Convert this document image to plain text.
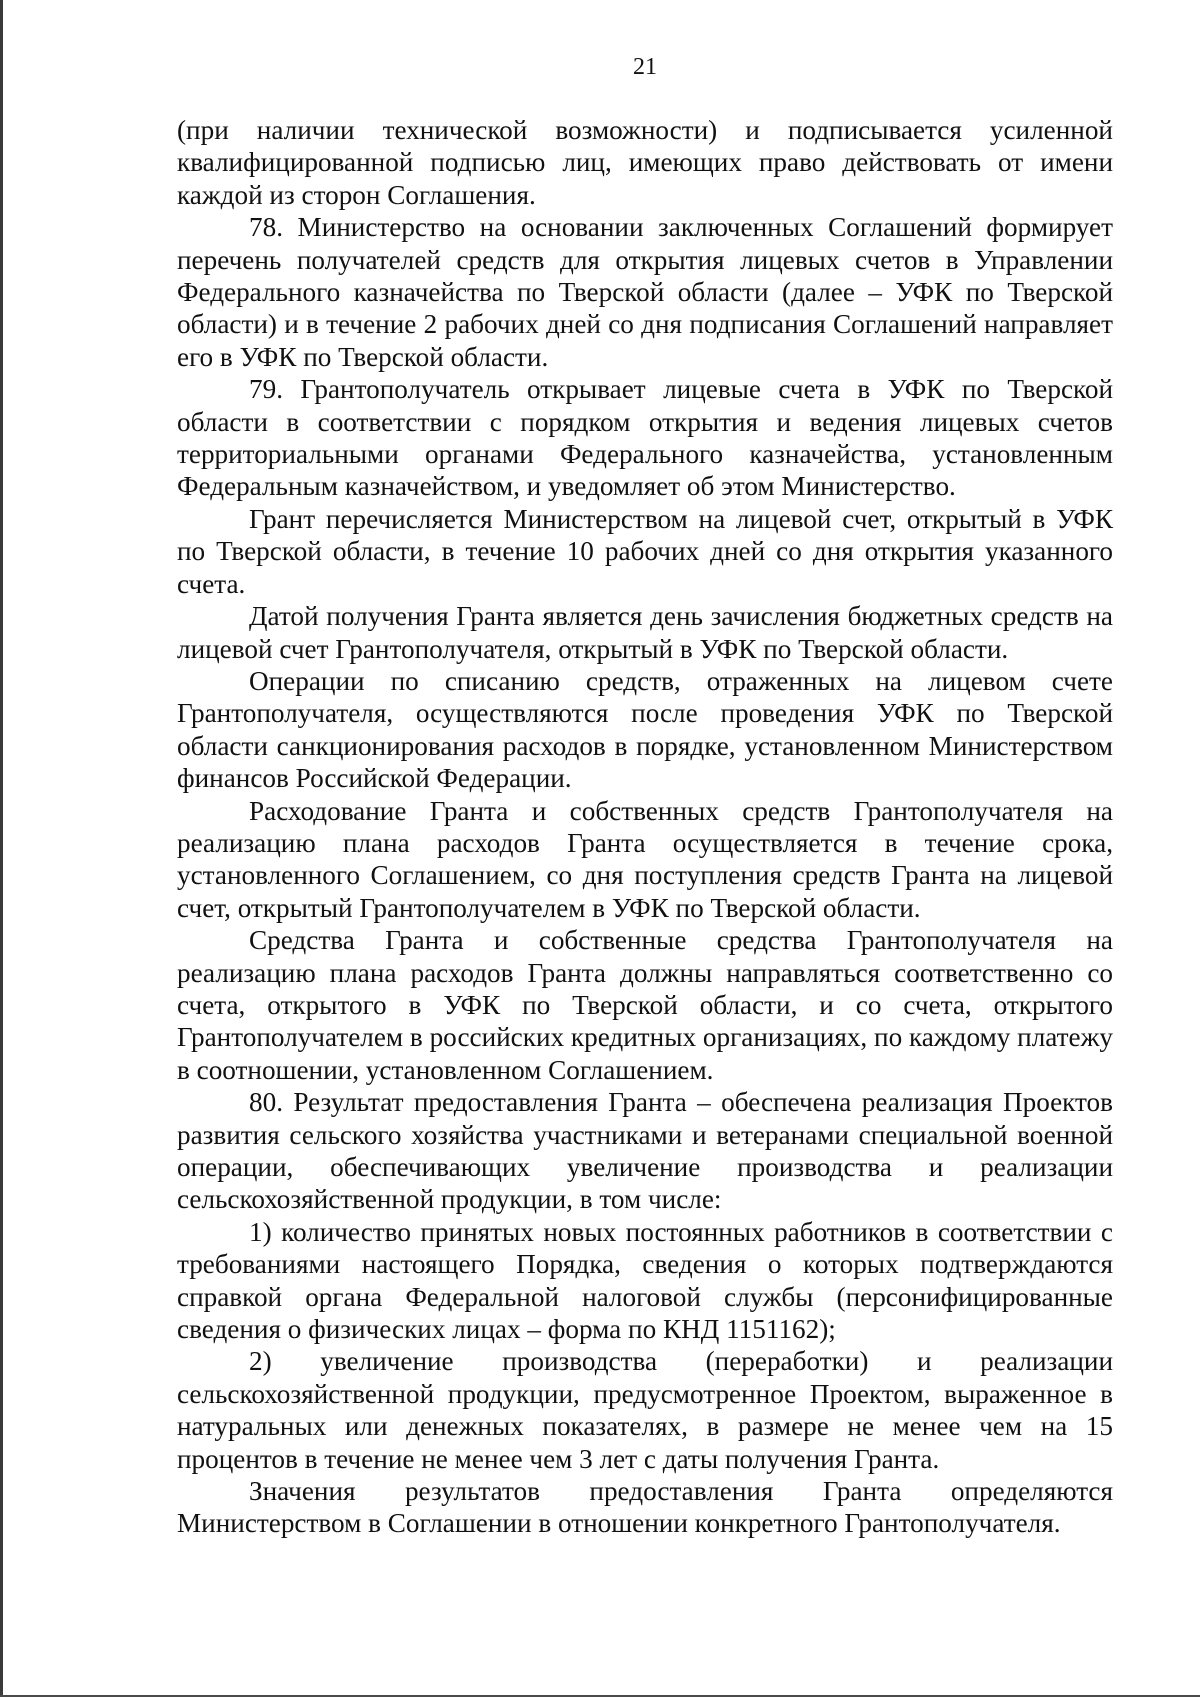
21

(при наличии технической возможности) и подписывается усиленной квалифицированной подписью лиц, имеющих право действовать от имени каждой из сторон Соглашения.

78. Министерство на основании заключенных Соглашений формирует перечень получателей средств для открытия лицевых счетов в Управлении Федерального казначейства по Тверской области (далее – УФК по Тверской области) и в течение 2 рабочих дней со дня подписания Соглашений направляет его в УФК по Тверской области.

79. Грантополучатель открывает лицевые счета в УФК по Тверской области в соответствии с порядком открытия и ведения лицевых счетов территориальными органами Федерального казначейства, установленным Федеральным казначейством, и уведомляет об этом Министерство.

Грант перечисляется Министерством на лицевой счет, открытый в УФК по Тверской области, в течение 10 рабочих дней со дня открытия указанного счета.

Датой получения Гранта является день зачисления бюджетных средств на лицевой счет Грантополучателя, открытый в УФК по Тверской области.

Операции по списанию средств, отраженных на лицевом счете Грантополучателя, осуществляются после проведения УФК по Тверской области санкционирования расходов в порядке, установленном Министерством финансов Российской Федерации.

Расходование Гранта и собственных средств Грантополучателя на реализацию плана расходов Гранта осуществляется в течение срока, установленного Соглашением, со дня поступления средств Гранта на лицевой счет, открытый Грантополучателем в УФК по Тверской области.

Средства Гранта и собственные средства Грантополучателя на реализацию плана расходов Гранта должны направляться соответственно со счета, открытого в УФК по Тверской области, и со счета, открытого Грантополучателем в российских кредитных организациях, по каждому платежу в соотношении, установленном Соглашением.

80. Результат предоставления Гранта – обеспечена реализация Проектов развития сельского хозяйства участниками и ветеранами специальной военной операции, обеспечивающих увеличение производства и реализации сельскохозяйственной продукции, в том числе:

1) количество принятых новых постоянных работников в соответствии с требованиями настоящего Порядка, сведения о которых подтверждаются справкой органа Федеральной налоговой службы (персонифицированные сведения о физических лицах – форма по КНД 1151162);

2) увеличение производства (переработки) и реализации сельскохозяйственной продукции, предусмотренное Проектом, выраженное в натуральных или денежных показателях, в размере не менее чем на 15 процентов в течение не менее чем 3 лет с даты получения Гранта.

Значения результатов предоставления Гранта определяются Министерством в Соглашении в отношении конкретного Грантополучателя.
